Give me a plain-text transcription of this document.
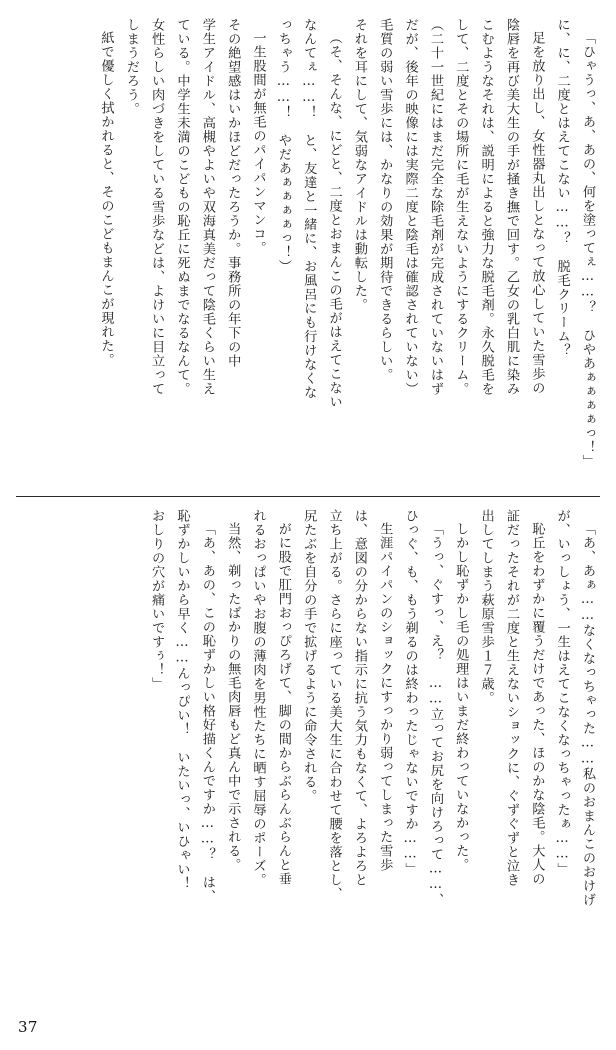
「ひゃうっ、あ、あの、何を塗ってぇ……？　ひやあぁぁぁぁっ！」

に、に、二度とはえてこない……？　脱毛クリーム？

足を放り出し、女性器丸出しとなって放心していた雪歩の

陰唇を再び美大生の手が掻き撫で回す。乙女の乳白肌に染み

こむようなそれは、説明によると強力な脱毛剤。永久脱毛を

して、二度とその場所に毛が生えないようにするクリーム。

（二十一世紀にはまだ完全な除毛剤が完成されていないはず

だが、後年の映像には実際二度と陰毛は確認されていない）

毛質の弱い雪歩には、かなりの効果が期待できるらしい。

それを耳にして、気弱なアイドルは動転した。

（そ、そんな、にどと、二度とおまんこの毛がはえてこない

なんてぇ……！　と、友達と一緒に、お風呂にも行けなくな

っちゃう……！　やだあぁぁぁぁっ！）

一生股間が無毛のパイパンマンコ。

その絶望感はいかほどだったろうか。事務所の年下の中

学生アイドル、高槻やよいや双海真美だって陰毛くらい生え

ている。中学生未満のこどもの恥丘に死ぬまでなるなんて。

女性らしい肉づきをしている雪歩などは、よけいに目立って

しまうだろう。

紙で優しく拭かれると、そのこどもまんこが現れた。

「あ、あぁ……なくなっちゃった……私のおまんこのおけげ

が、いっしょう、一生はえてこなくなっちゃったぁ……」

恥丘をわずかに覆うだけであった、ほのかな陰毛。大人の

証だったそれが二度と生えないショックに、ぐずぐずと泣き

出してしまう萩原雪歩１７歳。

しかし恥ずかし毛の処理はいまだ終わっていなかった。

「うっ、ぐすっ、え？　……立ってお尻を向けろって……、

ひっぐ、も、もう剃るのは終わったじゃないですか……」

生涯パイパンのショックにすっかり弱ってしまった雪歩

は、意図の分からない指示に抗う気力もなくて、よろよろと

立ち上がる。さらに座っている美大生に合わせて腰を落とし、

尻たぶを自分の手で拡げるように命令される。

がに股で肛門おっぴろげて、脚の間からぶらんぶらんと垂

れるおっぱいやお腹の薄肉を男性たちに晒す屈辱のポーズ。

当然、剃ったばかりの無毛肉唇もど真ん中で示される。

「あ、あの、この恥ずかしい格好描くんですか……？　は、

恥ずかしいから早く……んっぴい！　いたいっ、いひゃい！

おしりの穴が痛いですぅ！」

37
